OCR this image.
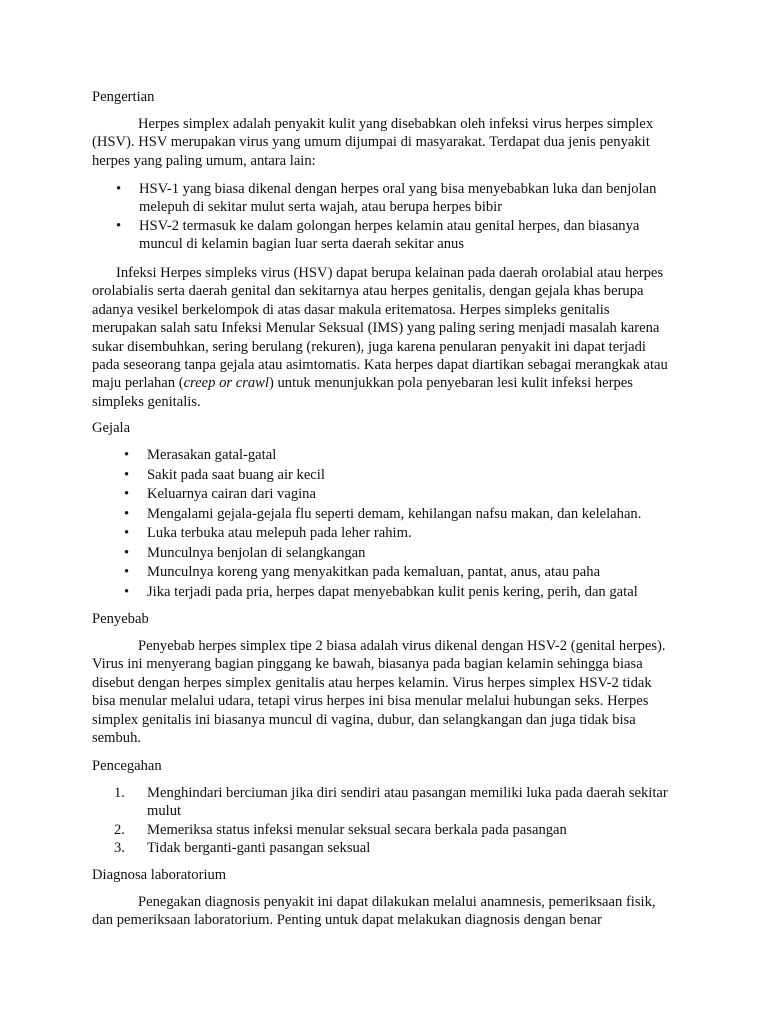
Pengertian

Herpes simplex adalah penyakit kulit yang disebabkan oleh infeksi virus herpes simplex (HSV). HSV merupakan virus yang umum dijumpai di masyarakat. Terdapat dua jenis penyakit herpes yang paling umum, antara lain:

• HSV-1 yang biasa dikenal dengan herpes oral yang bisa menyebabkan luka dan benjolan melepuh di sekitar mulut serta wajah, atau berupa herpes bibir
• HSV-2 termasuk ke dalam golongan herpes kelamin atau genital herpes, dan biasanya muncul di kelamin bagian luar serta daerah sekitar anus

Infeksi Herpes simpleks virus (HSV) dapat berupa kelainan pada daerah orolabial atau herpes orolabialis serta daerah genital dan sekitarnya atau herpes genitalis, dengan gejala khas berupa adanya vesikel berkelompok di atas dasar makula eritematosa. Herpes simpleks genitalis merupakan salah satu Infeksi Menular Seksual (IMS) yang paling sering menjadi masalah karena sukar disembuhkan, sering berulang (rekuren), juga karena penularan penyakit ini dapat terjadi pada seseorang tanpa gejala atau asimtomatis. Kata herpes dapat diartikan sebagai merangkak atau maju perlahan (creep or crawl) untuk menunjukkan pola penyebaran lesi kulit infeksi herpes simpleks genitalis.

Gejala
• Merasakan gatal-gatal
• Sakit pada saat buang air kecil
• Keluarnya cairan dari vagina
• Mengalami gejala-gejala flu seperti demam, kehilangan nafsu makan, dan kelelahan.
• Luka terbuka atau melepuh pada leher rahim.
• Munculnya benjolan di selangkangan
• Munculnya koreng yang menyakitkan pada kemaluan, pantat, anus, atau paha
• Jika terjadi pada pria, herpes dapat menyebabkan kulit penis kering, perih, dan gatal
Penyebab

Penyebab herpes simplex tipe 2 biasa adalah virus dikenal dengan HSV-2 (genital herpes). Virus ini menyerang bagian pinggang ke bawah, biasanya pada bagian kelamin sehingga biasa disebut dengan herpes simplex genitalis atau herpes kelamin. Virus herpes simplex HSV-2 tidak bisa menular melalui udara, tetapi virus herpes ini bisa menular melalui hubungan seks. Herpes simplex genitalis ini biasanya muncul di vagina, dubur, dan selangkangan dan juga tidak bisa sembuh.

Pencegahan
1. Menghindari berciuman jika diri sendiri atau pasangan memiliki luka pada daerah sekitar mulut
2. Memeriksa status infeksi menular seksual secara berkala pada pasangan
3. Tidak berganti-ganti pasangan seksual
Diagnosa laboratorium

Penegakan diagnosis penyakit ini dapat dilakukan melalui anamnesis, pemeriksaan fisik, dan pemeriksaan laboratorium. Penting untuk dapat melakukan diagnosis dengan benar
